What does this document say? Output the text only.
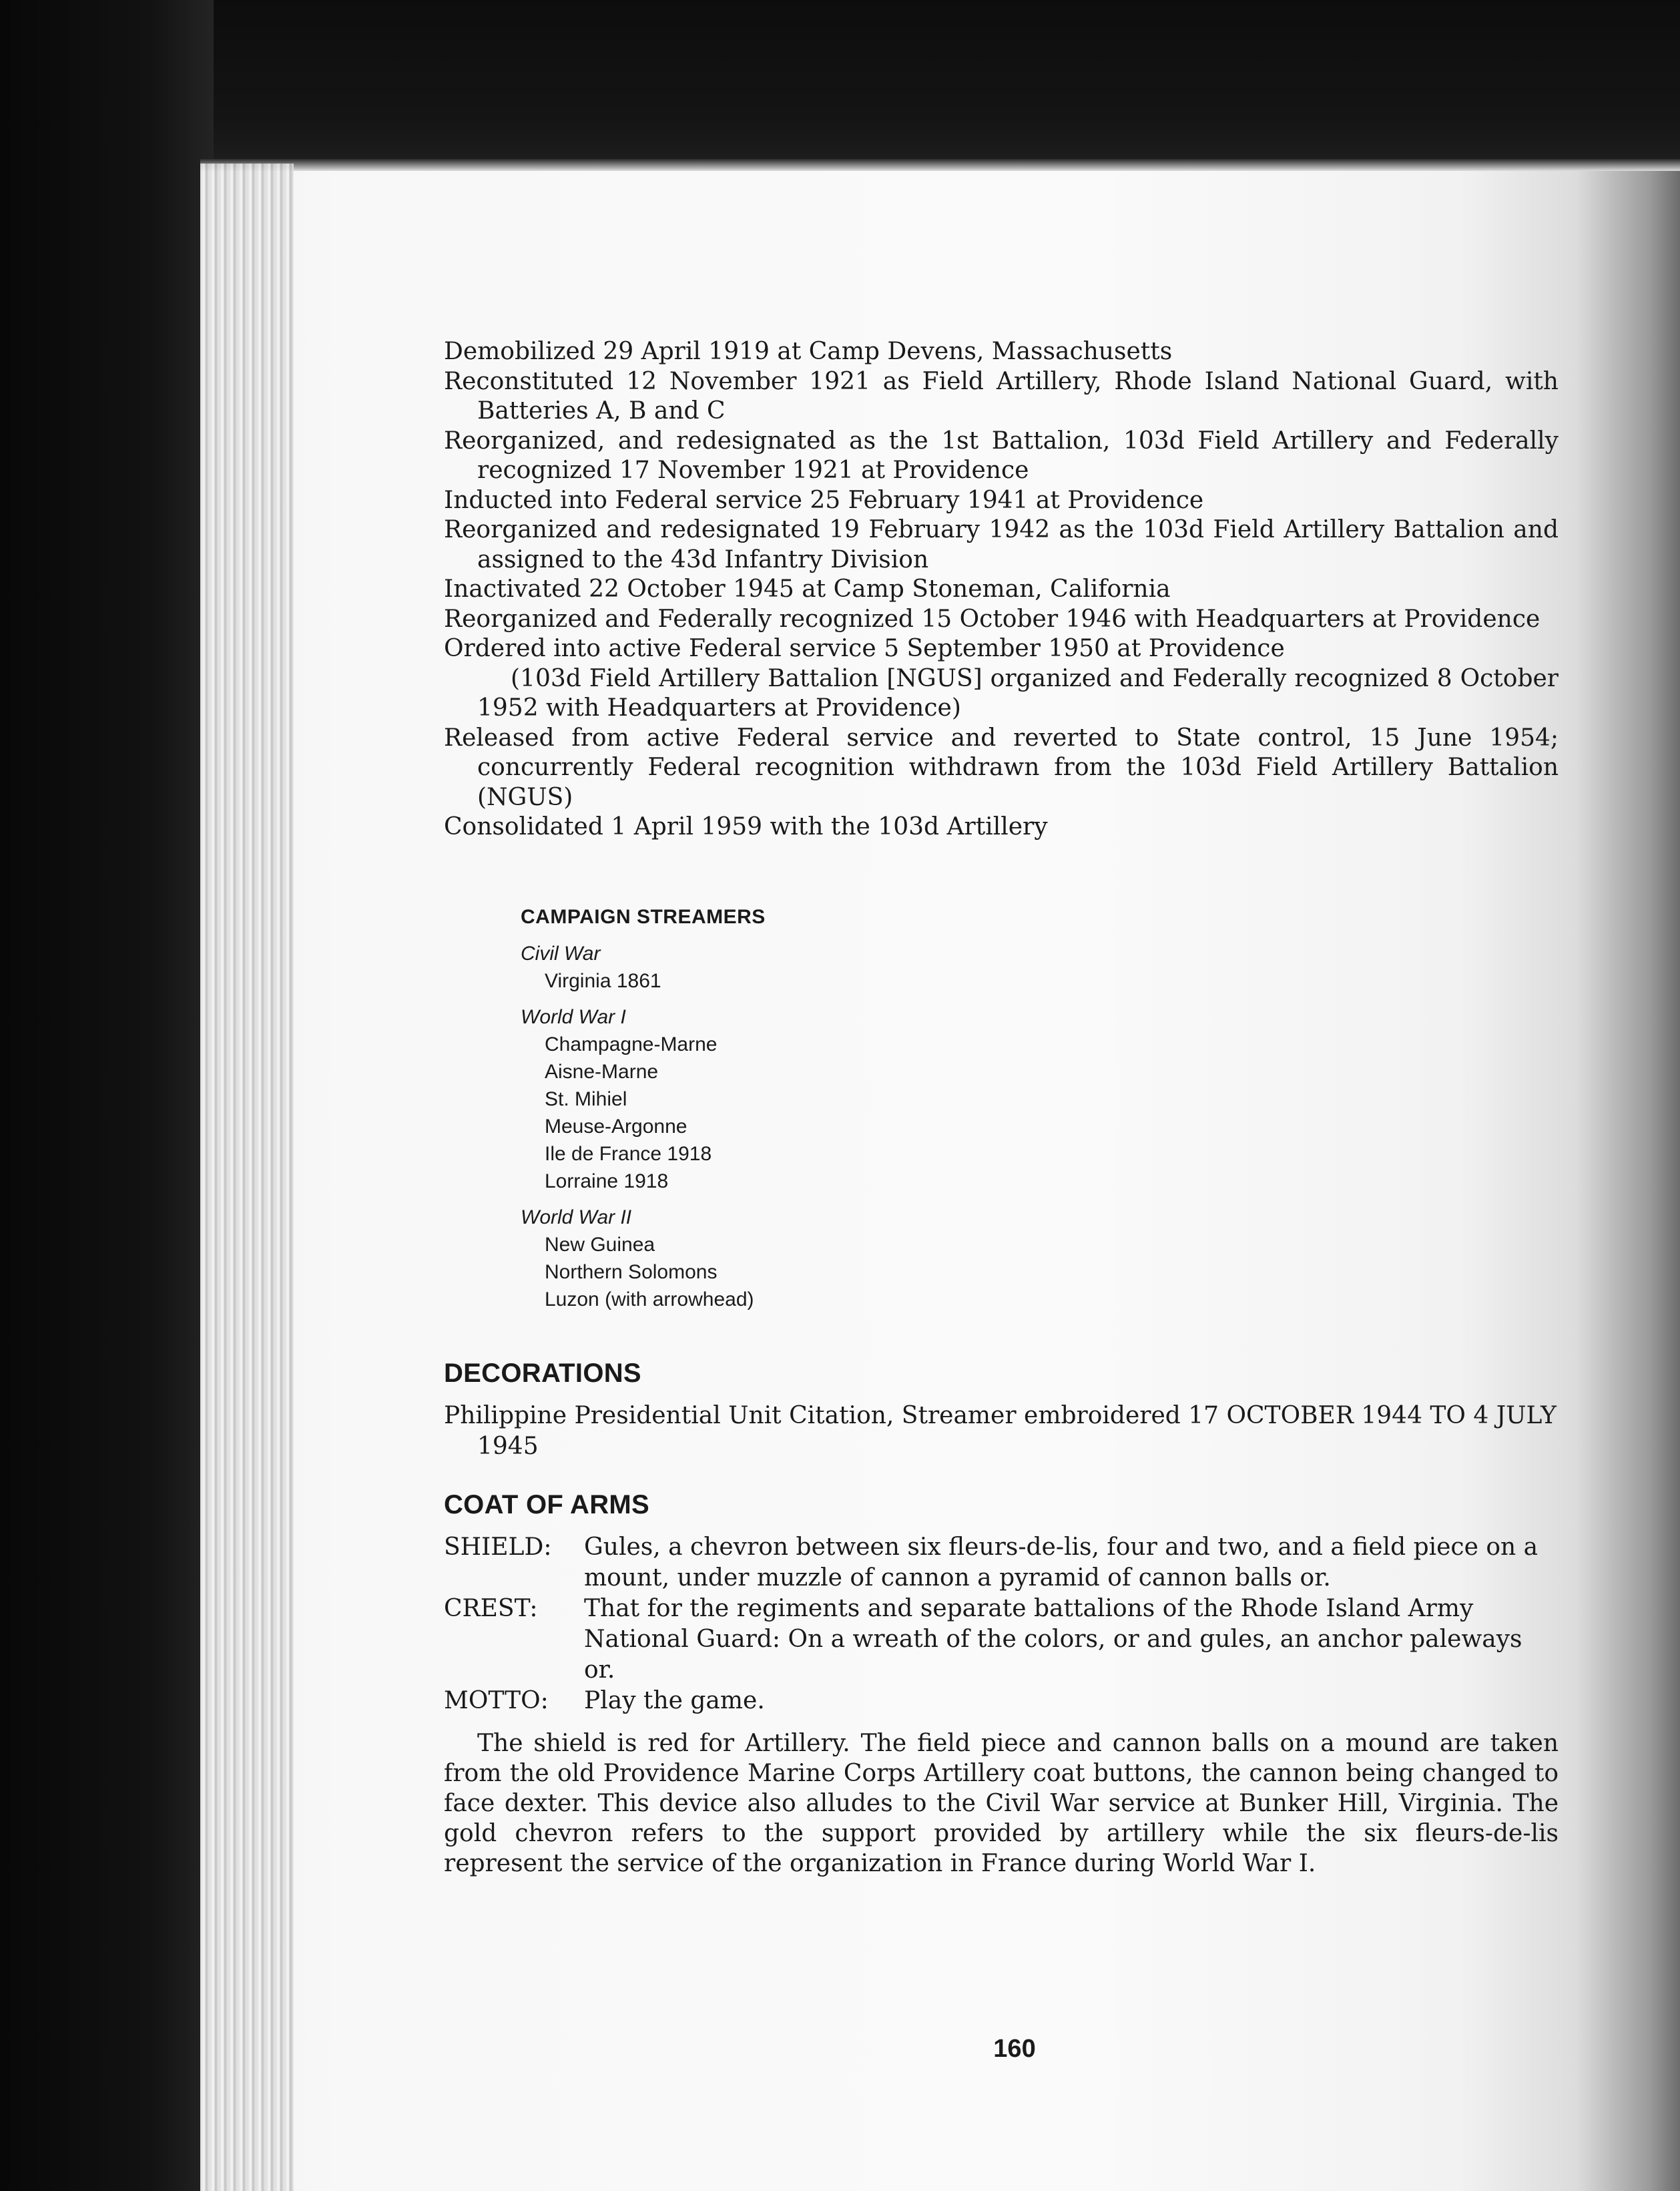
Demobilized 29 April 1919 at Camp Devens, Massachusetts

Reconstituted 12 November 1921 as Field Artillery, Rhode Island National Guard, with Batteries A, B and C

Reorganized, and redesignated as the 1st Battalion, 103d Field Artillery and Federally recognized 17 November 1921 at Providence

Inducted into Federal service 25 February 1941 at Providence

Reorganized and redesignated 19 February 1942 as the 103d Field Artillery Battalion and assigned to the 43d Infantry Division

Inactivated 22 October 1945 at Camp Stoneman, California

Reorganized and Federally recognized 15 October 1946 with Headquarters at Providence

Ordered into active Federal service 5 September 1950 at Providence

(103d Field Artillery Battalion [NGUS] organized and Federally recognized 8 October 1952 with Headquarters at Providence)

Released from active Federal service and reverted to State control, 15 June 1954; concurrently Federal recognition withdrawn from the 103d Field Artillery Battalion (NGUS)

Consolidated 1 April 1959 with the 103d Artillery

CAMPAIGN STREAMERS
Civil War
Virginia 1861
World War I
Champagne-Marne
Aisne-Marne
St. Mihiel
Meuse-Argonne
Ile de France 1918
Lorraine 1918
World War II
New Guinea
Northern Solomons
Luzon (with arrowhead)
DECORATIONS

Philippine Presidential Unit Citation, Streamer embroidered 17 OCTOBER 1944 TO 4 JULY 1945

COAT OF ARMS
SHIELD:	Gules, a chevron between six fleurs-de-lis, four and two, and a field piece on a mount, under muzzle of cannon a pyramid of cannon balls or.
CREST:	That for the regiments and separate battalions of the Rhode Island Army National Guard: On a wreath of the colors, or and gules, an anchor paleways or.
MOTTO:	Play the game.

The shield is red for Artillery. The field piece and cannon balls on a mound are taken from the old Providence Marine Corps Artillery coat buttons, the cannon being changed to face dexter. This device also alludes to the Civil War service at Bunker Hill, Virginia. The gold chevron refers to the support provided by artillery while the six fleurs-de-lis represent the service of the organization in France during World War I.

160
